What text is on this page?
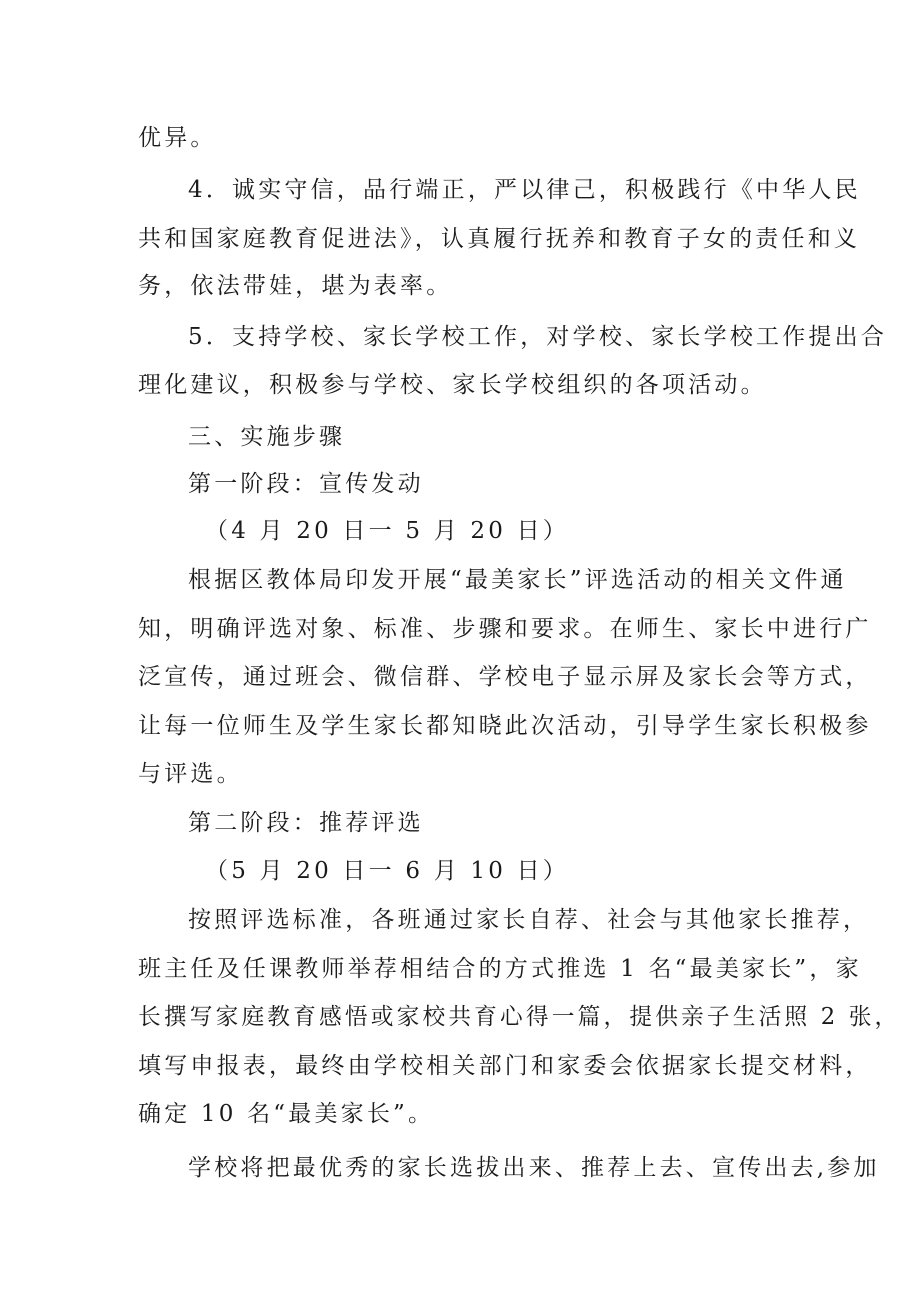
优异。
4．诚实守信，品行端正，严以律己，积极践行《中华人民
共和国家庭教育促进法》，认真履行抚养和教育子女的责任和义
务，依法带娃，堪为表率。
5．支持学校、家长学校工作，对学校、家长学校工作提出合
理化建议，积极参与学校、家长学校组织的各项活动。
三、实施步骤
第一阶段：宣传发动
（4 月 20 日一 5 月 20 日）
根据区教体局印发开展“最美家长”评选活动的相关文件通
知，明确评选对象、标准、步骤和要求。在师生、家长中进行广
泛宣传，通过班会、微信群、学校电子显示屏及家长会等方式，
让每一位师生及学生家长都知晓此次活动，引导学生家长积极参
与评选。
第二阶段：推荐评选
（5 月 20 日一 6 月 10 日）
按照评选标准，各班通过家长自荐、社会与其他家长推荐，
班主任及任课教师举荐相结合的方式推选 1 名“最美家长”，家
长撰写家庭教育感悟或家校共育心得一篇，提供亲子生活照 2 张，
填写申报表，最终由学校相关部门和家委会依据家长提交材料，
确定 10 名“最美家长”。
学校将把最优秀的家长选拔出来、推荐上去、宣传出去,参加
